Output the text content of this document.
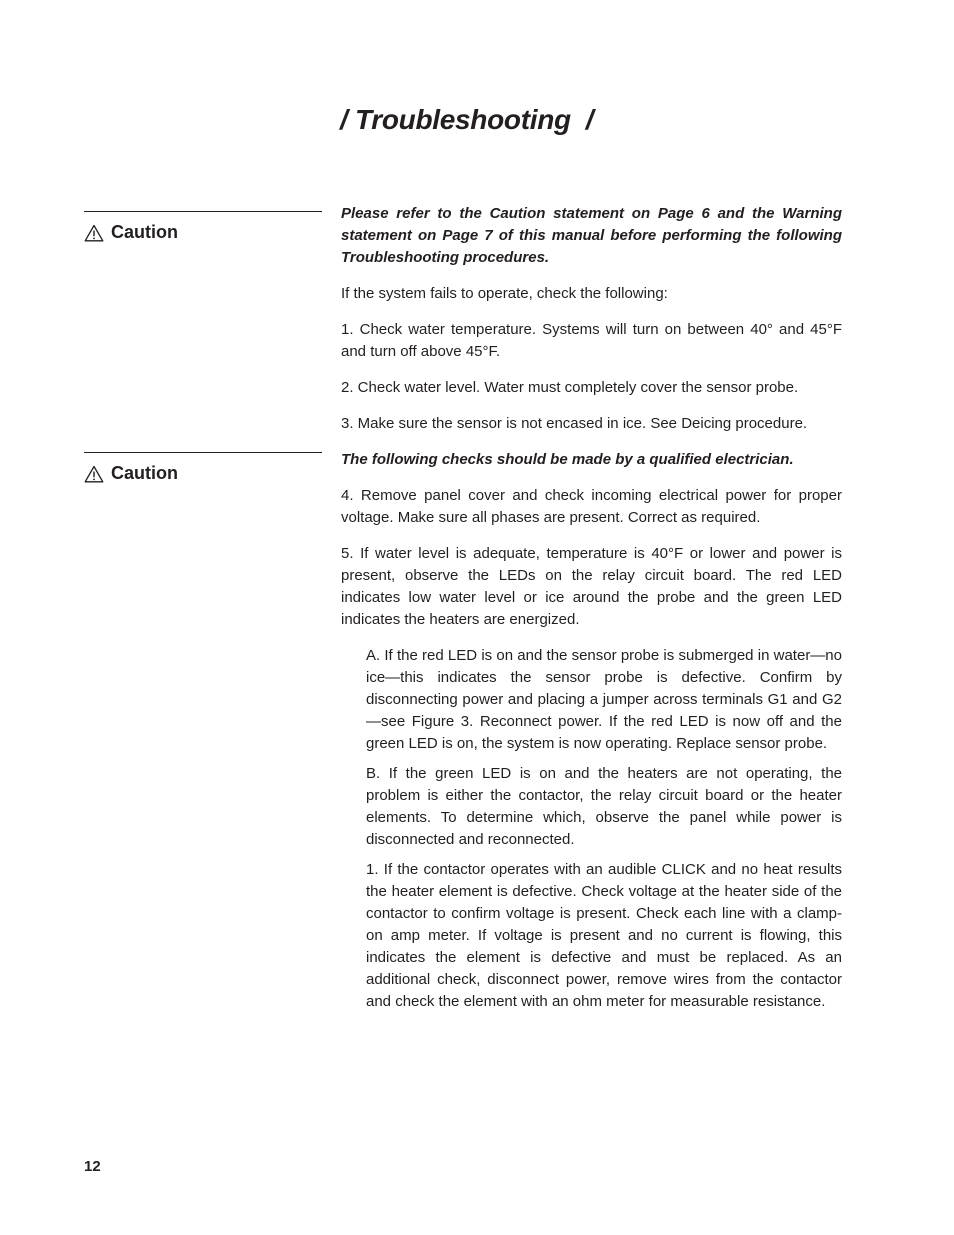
/ Troubleshooting  /
Caution
Caution

Please refer to the Caution statement on Page 6 and the Warning statement on Page 7 of this manual before performing the following Troubleshooting procedures.

If the system fails to operate, check the following:

1. Check water temperature. Systems will turn on between 40° and 45°F and turn off above 45°F.

2. Check water level. Water must completely cover the sensor probe.

3. Make sure the sensor is not encased in ice. See Deicing procedure.

The following checks should be made by a qualified electrician.

4. Remove panel cover and check incoming electrical power for proper voltage. Make sure all phases are present. Correct as required.

5. If water level is adequate, temperature is 40°F or lower and power is present, observe the LEDs on the relay circuit board. The red LED indicates low water level or ice around the probe and the green LED indicates the heaters are energized.

A. If the red LED is on and the sensor probe is submerged in water—no ice—this indicates the sensor probe is defective. Confirm by disconnecting power and placing a jumper across terminals G1 and G2—see Figure 3. Reconnect power. If the red LED is now off and the green LED is on, the system is now operating. Replace sensor probe.

B. If the green LED is on and the heaters are not operating, the problem is either the contactor, the relay circuit board or the heater elements. To determine which, observe the panel while power is disconnected and reconnected.

1. If the contactor operates with an audible CLICK and no heat results the heater element is defective. Check voltage at the heater side of the contactor to confirm voltage is present. Check each line with a clamp-on amp meter. If voltage is present and no current is flowing, this indicates the element is defective and must be replaced. As an additional check, disconnect power, remove wires from the contactor and check the element with an ohm meter for measurable resistance.

12
